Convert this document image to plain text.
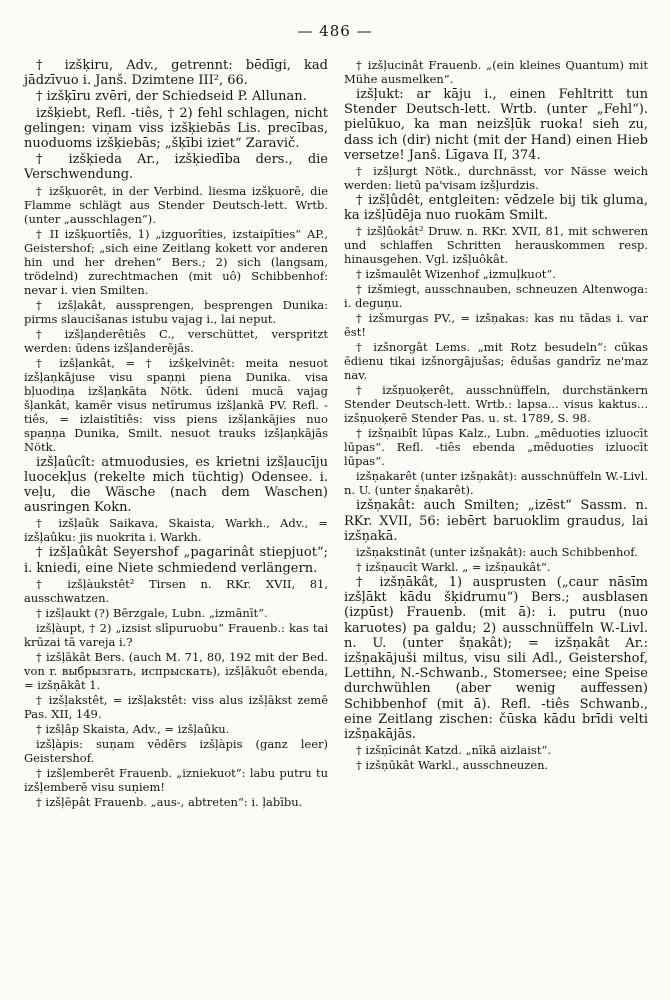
— 486 —

† izšķiru, Adv., getrennt: bēdīgi, kad jādzīvuo i. Janš. Dzimtene III², 66.

† izšķīru zvēri, der Schiedseid P. Allunan.

izšķiebt, Refl. -tiês, † 2) fehl schlagen, nicht gelingen: viņam viss izšķiebās Lis. precības, nuoduoms izšķiebās; „šķībi iziet“ Zaravič.

† izšķieda Ar., izšķiedība ders., die Verschwendung.

† izšķuorêt, in der Verbind. liesma izšķuorē, die Flamme schlägt aus Stender Deutsch-lett. Wrtb. (unter „ausschlagen“).

† II izšķuortîês, 1) „izguorîties, izstaipîties“ AP., Geistershof; „sich eine Zeitlang kokett vor anderen hin und her drehen“ Bers.; 2) sich (langsam, trödelnd) zurechtmachen (mit uô) Schibbenhof: nevar i. vien Smilten.

† izšļakât, aussprengen, besprengen Dunika: pirms slaucišanas istubu vajag i., lai neput.

† izšļaņderêtiês C., verschüttet, verspritzt werden: ūdens izšļanderējās.

† izšļankât, = † izšķelvinêt: meita nesuot izšļaņkājuse visu spaņņi piena Dunika. visa bļuodiņa izšļaņkāta Nötk. ūdeni mucā vajag šļankât, kamēr visus netīrumus izšļankā PV. Refl. -tiês, = izlaistîtiês: viss piens izšļankājies nuo spaņņa Dunika, Smilt. nesuot trauks izšļaņkājās Nötk.

izšļaûcît: atmuodusies, es krietni izšļaucīju luocekļus (rekelte mich tüchtig) Odensee. i. veļu, die Wäsche (nach dem Waschen) ausringen Kokn.

† izšļaûk Saikava, Skaista, Warkh., Adv., = izšļaûku: jis nuokrita i. Warkh.

† izšļaûkât Seyershof „pagarinât stiepjuot“; i. kniedi, eine Niete schmiedend verlängern.

† izšļàukstêt² Tirsen n. RKr. XVII, 81, ausschwatzen.

† izšļaukt (?) Bērzgale, Lubn. „izmānīt“.

izšļàupt, † 2) „izsist slīpuruobu“ Frauenb.: kas tai krūzai tā vareja i.?

† izšļākât Bers. (auch M. 71, 80, 192 mit der Bed. von r. выбрызгать, испрыскать), izšļākuôt ebenda, = izšņākât 1.

† izšļakstêt, = izšļakstêt: viss alus izšļākst zemē Pas. XII, 149.

† izšļâp Skaista, Adv., = izšļaûku.

izšļàpis: suņam vēdērs izšļàpis (ganz leer) Geistershof.

† izšļemberêt Frauenb. „izniekuot“: labu putru tu izšļemberē visu suņiem!

† izšļēpât Frauenb. „aus-, abtreten“: i. ļabību.

† izšļucinât Frauenb. „(ein kleines Quantum) mit Mühe ausmelken“.

izšļukt: ar kāju i., einen Fehltritt tun Stender Deutsch-lett. Wrtb. (unter „Fehl“). pielūkuo, ka man neizšļūk ruoka! sieh zu, dass ich (dir) nicht (mit der Hand) einen Hieb versetze! Janš. Līgava II, 374.

† izšļurgt Nötk., durchnässt, vor Nässe weich werden: lietū pa'visam izšļurdzis.

† izšļûdêt, entgleiten: vēdzele bij tik gluma, ka izšļūdēja nuo ruokām Smilt.

† izšļûokât² Druw. n. RKr. XVII, 81, mit schweren und schlaffen Schritten herauskommen resp. hinausgehen. Vgl. izšļuôkât.

† izšmaulêt Wizenhof „izmuļkuot“.

† izšmiegt, ausschnauben, schneuzen Altenwoga: i. deguņu.

† izšmurgas PV., = izšņakas: kas nu tādas i. var ēst!

† izšnorgât Lems. „mit Rotz besudeln“: cūkas ēdienu tikai izšnorgājušas; ēdušas gandrīz ne'maz nav.

† izšņuoķerêt, ausschnüffeln, durchstänkern Stender Deutsch-lett. Wrtb.: lapsa... visus kaktus... izšņuoķerē Stender Pas. u. st. 1789, S. 98.

† izšņaibît lūpas Kalz., Lubn. „mēduoties izluocīt lūpas“. Refl. -tiês ebenda „mēduoties izluocīt lūpas“.

izšņakarêt (unter izšņakât): ausschnüffeln W.-Livl. n. U. (unter šņakarêt).

izšņakât: auch Smilten; „izēst“ Sassm. n. RKr. XVII, 56: iebērt baruoklim graudus, lai izšņakā.

izšņakstinât (unter izšņakât): auch Schibbenhof.

† izšņaucît Warkl. „ = izšņaukât“.

† izšņākât, 1) ausprusten („caur nāsīm izšļākt kādu šķidrumu“) Bers.; ausblasen (izpūst) Frauenb. (mit ā): i. putru (nuo karuotes) pa galdu; 2) ausschnüffeln W.-Livl. n. U. (unter šņakât); = izšņakât Ar.: izšņakājuši miltus, visu sili Adl., Geistershof, Lettihn, N.-Schwanb., Stomersee; eine Speise durchwühlen (aber wenig auffessen) Schibbenhof (mit ā). Refl. -tiês Schwanb., eine Zeitlang zischen: čūska kādu brīdi velti izšņakājās.

† izšņīcinât Katzd. „nīkā aizlaist“.

† izšņūkât Warkl., ausschneuzen.
